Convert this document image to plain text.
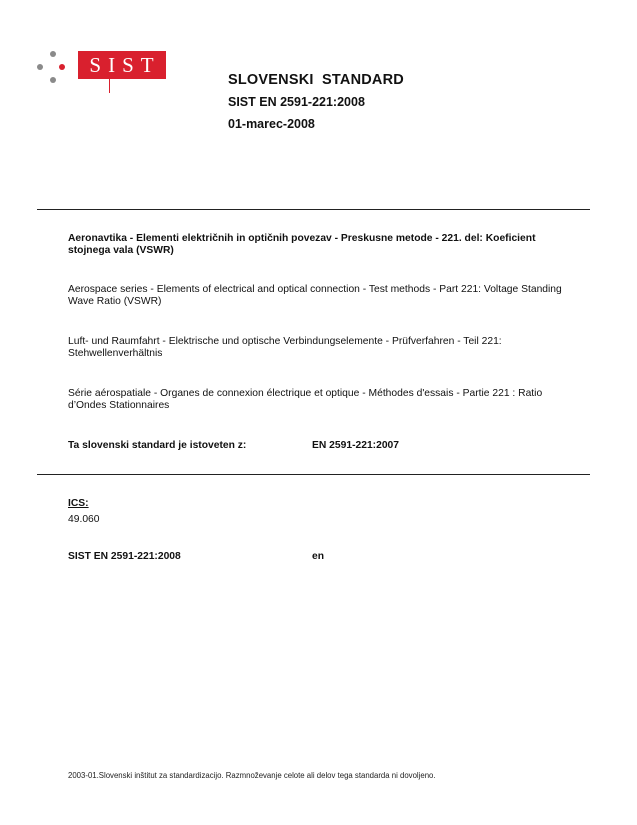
SIST
SLOVENSKI  STANDARD
SIST EN 2591-221:2008
01-marec-2008
Aeronavtika - Elementi električnih in optičnih povezav - Preskusne metode - 221. del: Koeficient stojnega vala (VSWR)
Aerospace series - Elements of electrical and optical connection - Test methods - Part 221: Voltage Standing Wave Ratio (VSWR)
Luft- und Raumfahrt - Elektrische und optische Verbindungselemente - Prüfverfahren - Teil 221: Stehwellenverhältnis
Série aérospatiale - Organes de connexion électrique et optique - Méthodes d'essais - Partie 221 : Ratio d’Ondes Stationnaires
Ta slovenski standard je istoveten z:	EN 2591-221:2007
ICS:
49.060
SIST EN 2591-221:2008	en
2003-01.Slovenski inštitut za standardizacijo. Razmnoževanje celote ali delov tega standarda ni dovoljeno.
